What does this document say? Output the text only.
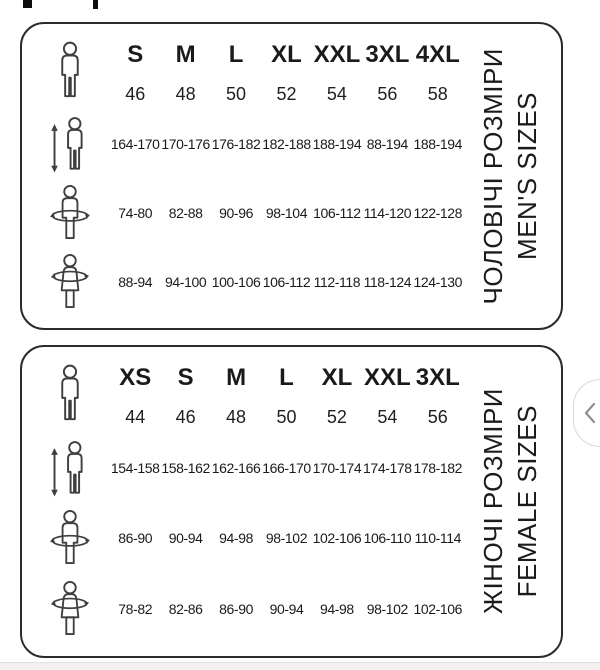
S M L XL XXL 3XL 4XL
46 48 50 52 54 56 58
164-170 170-176 176-182 182-188 188-194 88-194 188-194
74-80 82-88 90-96 98-104 106-112 114-120 122-128
88-94 94-100 100-106 106-112 112-118 118-124 124-130 ЧОЛОВІЧІ РОЗМІРИ MEN'S SIZES
XS S M L XL XXL 3XL
44 46 48 50 52 54 56
154-158 158-162 162-166 166-170 170-174 174-178 178-182
86-90 90-94 94-98 98-102 102-106 106-110 110-114
78-82 82-86 86-90 90-94 94-98 98-102 102-106 ЖІНОЧІ РОЗМІРИ FEMALE SIZES
